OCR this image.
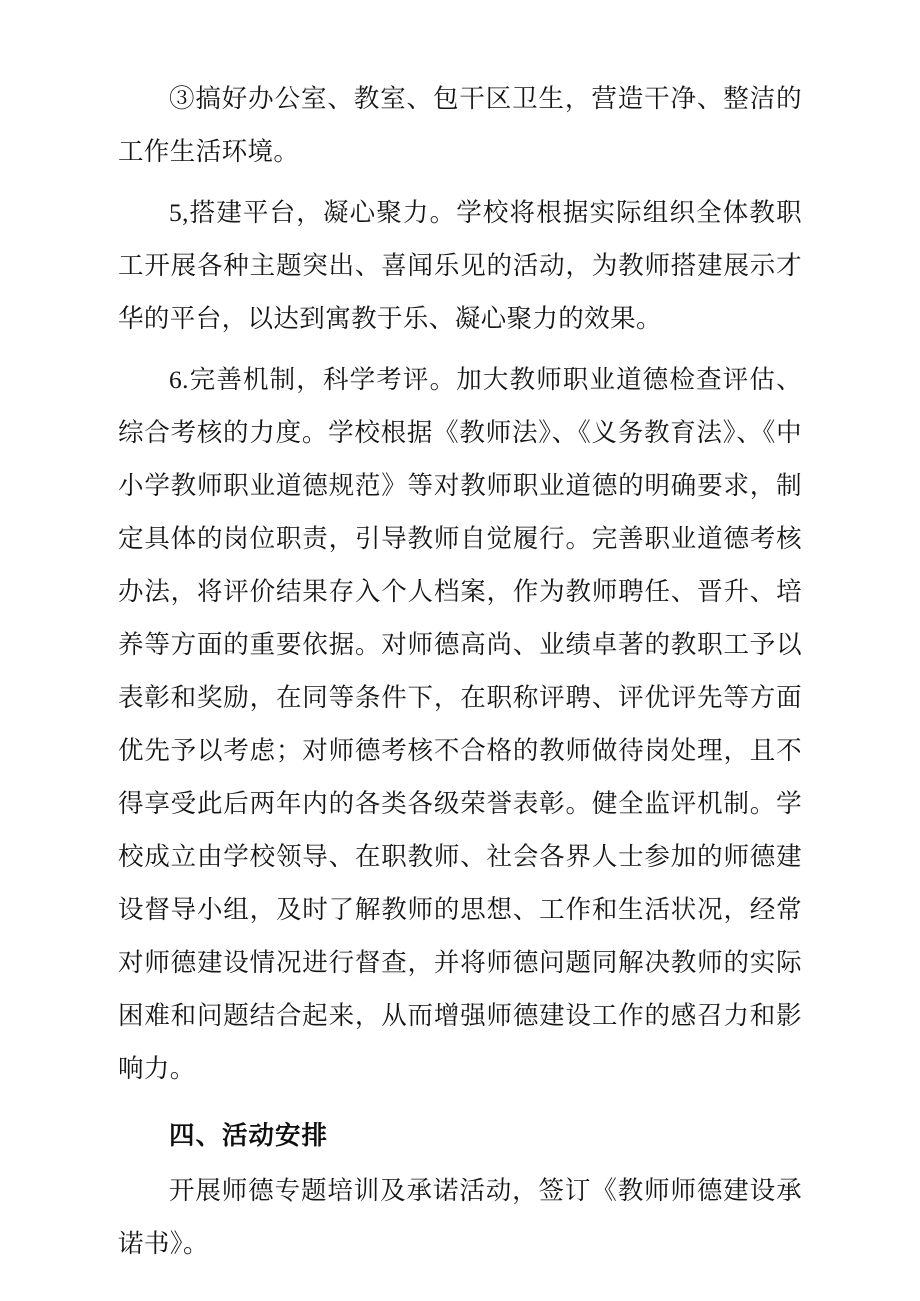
③搞好办公室、教室、包干区卫生，营造干净、整洁的工作生活环境。

5,搭建平台，凝心聚力。学校将根据实际组织全体教职工开展各种主题突出、喜闻乐见的活动，为教师搭建展示才华的平台，以达到寓教于乐、凝心聚力的效果。

6.完善机制，科学考评。加大教师职业道德检查评估、综合考核的力度。学校根据《教师法》、《义务教育法》、《中小学教师职业道德规范》等对教师职业道德的明确要求，制定具体的岗位职责，引导教师自觉履行。完善职业道德考核办法，将评价结果存入个人档案，作为教师聘任、晋升、培养等方面的重要依据。对师德高尚、业绩卓著的教职工予以表彰和奖励，在同等条件下，在职称评聘、评优评先等方面优先予以考虑；对师德考核不合格的教师做待岗处理，且不得享受此后两年内的各类各级荣誉表彰。健全监评机制。学校成立由学校领导、在职教师、社会各界人士参加的师德建设督导小组，及时了解教师的思想、工作和生活状况，经常对师德建设情况进行督查，并将师德问题同解决教师的实际困难和问题结合起来，从而增强师德建设工作的感召力和影响力。

四、活动安排

开展师德专题培训及承诺活动，签订《教师师德建设承诺书》。
